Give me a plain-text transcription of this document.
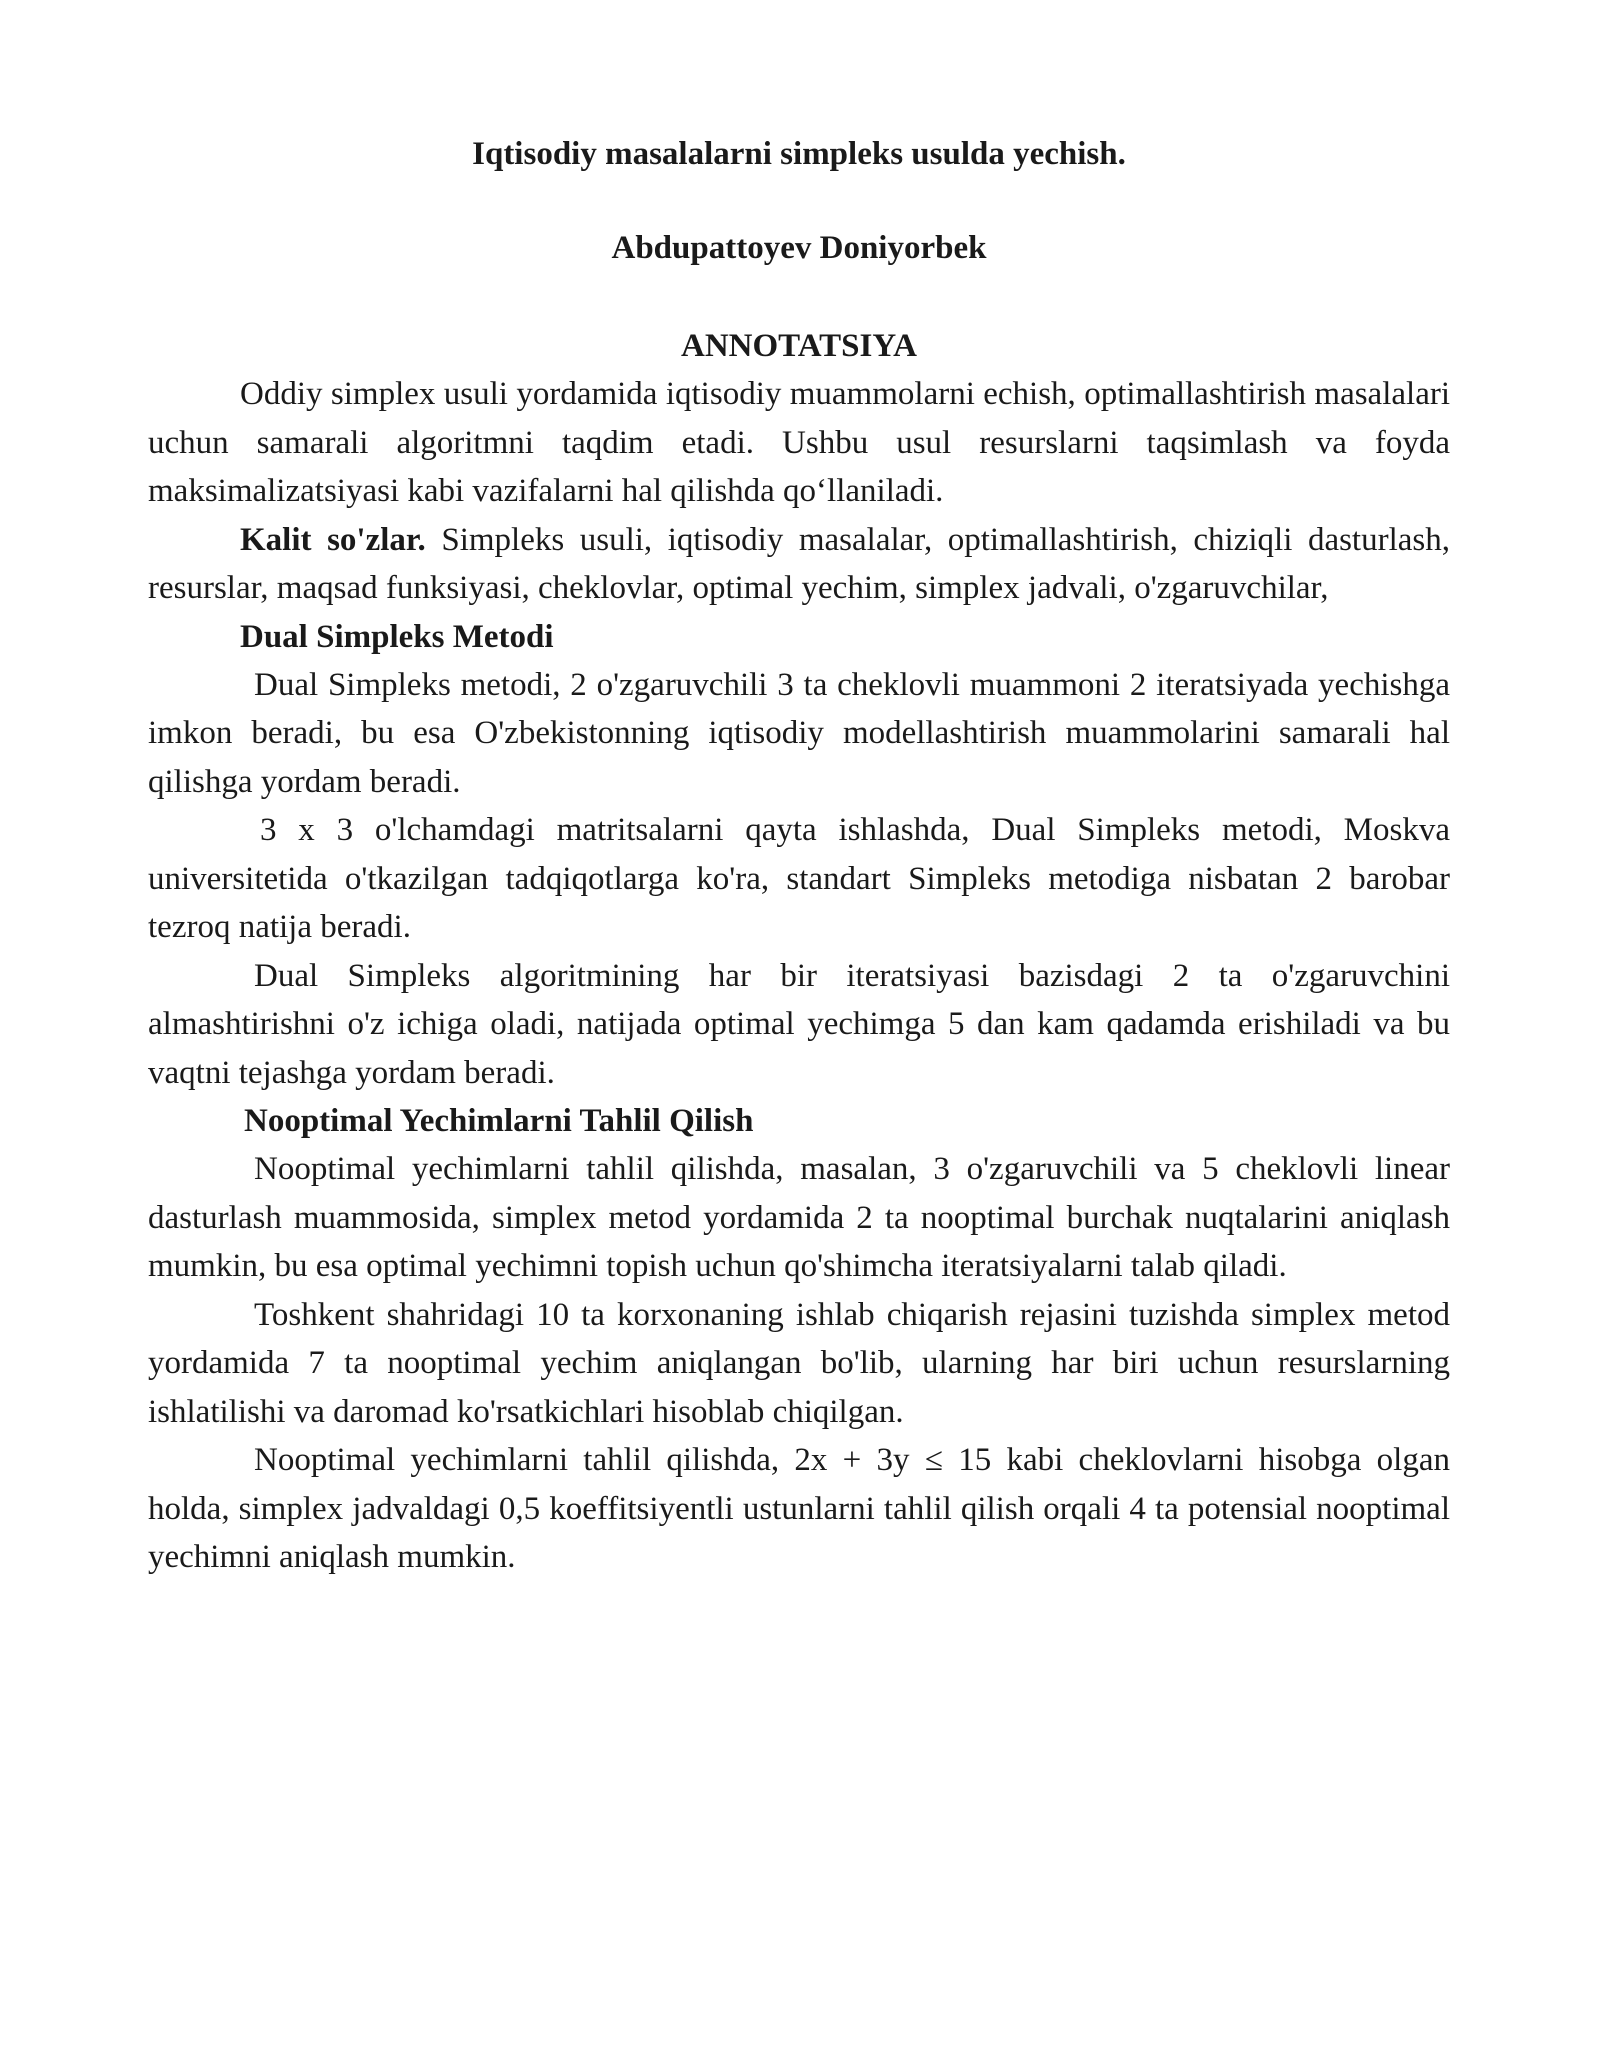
Iqtisodiy masalalarni simpleks usulda yechish.
Abdupattoyev Doniyorbek
ANNOTATSIYA

Oddiy simplex usuli yordamida iqtisodiy muammolarni echish, optimallashtirish masalalari uchun samarali algoritmni taqdim etadi. Ushbu usul resurslarni taqsimlash va foyda maksimalizatsiyasi kabi vazifalarni hal qilishda qo‘llaniladi.

Kalit so'zlar. Simpleks usuli, iqtisodiy masalalar, optimallashtirish, chiziqli dasturlash, resurslar, maqsad funksiyasi, cheklovlar, optimal yechim, simplex jadvali, o'zgaruvchilar,

Dual Simpleks Metodi

Dual Simpleks metodi, 2 o'zgaruvchili 3 ta cheklovli muammoni 2 iteratsiyada yechishga imkon beradi, bu esa O'zbekistonning iqtisodiy modellashtirish muammolarini samarali hal qilishga yordam beradi.

3 x 3 o'lchamdagi matritsalarni qayta ishlashda, Dual Simpleks metodi, Moskva universitetida o'tkazilgan tadqiqotlarga ko'ra, standart Simpleks metodiga nisbatan 2 barobar tezroq natija beradi.

Dual Simpleks algoritmining har bir iteratsiyasi bazisdagi 2 ta o'zgaruvchini almashtirishni o'z ichiga oladi, natijada optimal yechimga 5 dan kam qadamda erishiladi va bu vaqtni tejashga yordam beradi.

Nooptimal Yechimlarni Tahlil Qilish

Nooptimal yechimlarni tahlil qilishda, masalan, 3 o'zgaruvchili va 5 cheklovli linear dasturlash muammosida, simplex metod yordamida 2 ta nooptimal burchak nuqtalarini aniqlash mumkin, bu esa optimal yechimni topish uchun qo'shimcha iteratsiyalarni talab qiladi.

Toshkent shahridagi 10 ta korxonaning ishlab chiqarish rejasini tuzishda simplex metod yordamida 7 ta nooptimal yechim aniqlangan bo'lib, ularning har biri uchun resurslarning ishlatilishi va daromad ko'rsatkichlari hisoblab chiqilgan.

Nooptimal yechimlarni tahlil qilishda, 2x + 3y ≤ 15 kabi cheklovlarni hisobga olgan holda, simplex jadvaldagi 0,5 koeffitsiyentli ustunlarni tahlil qilish orqali 4 ta potensial nooptimal yechimni aniqlash mumkin.
